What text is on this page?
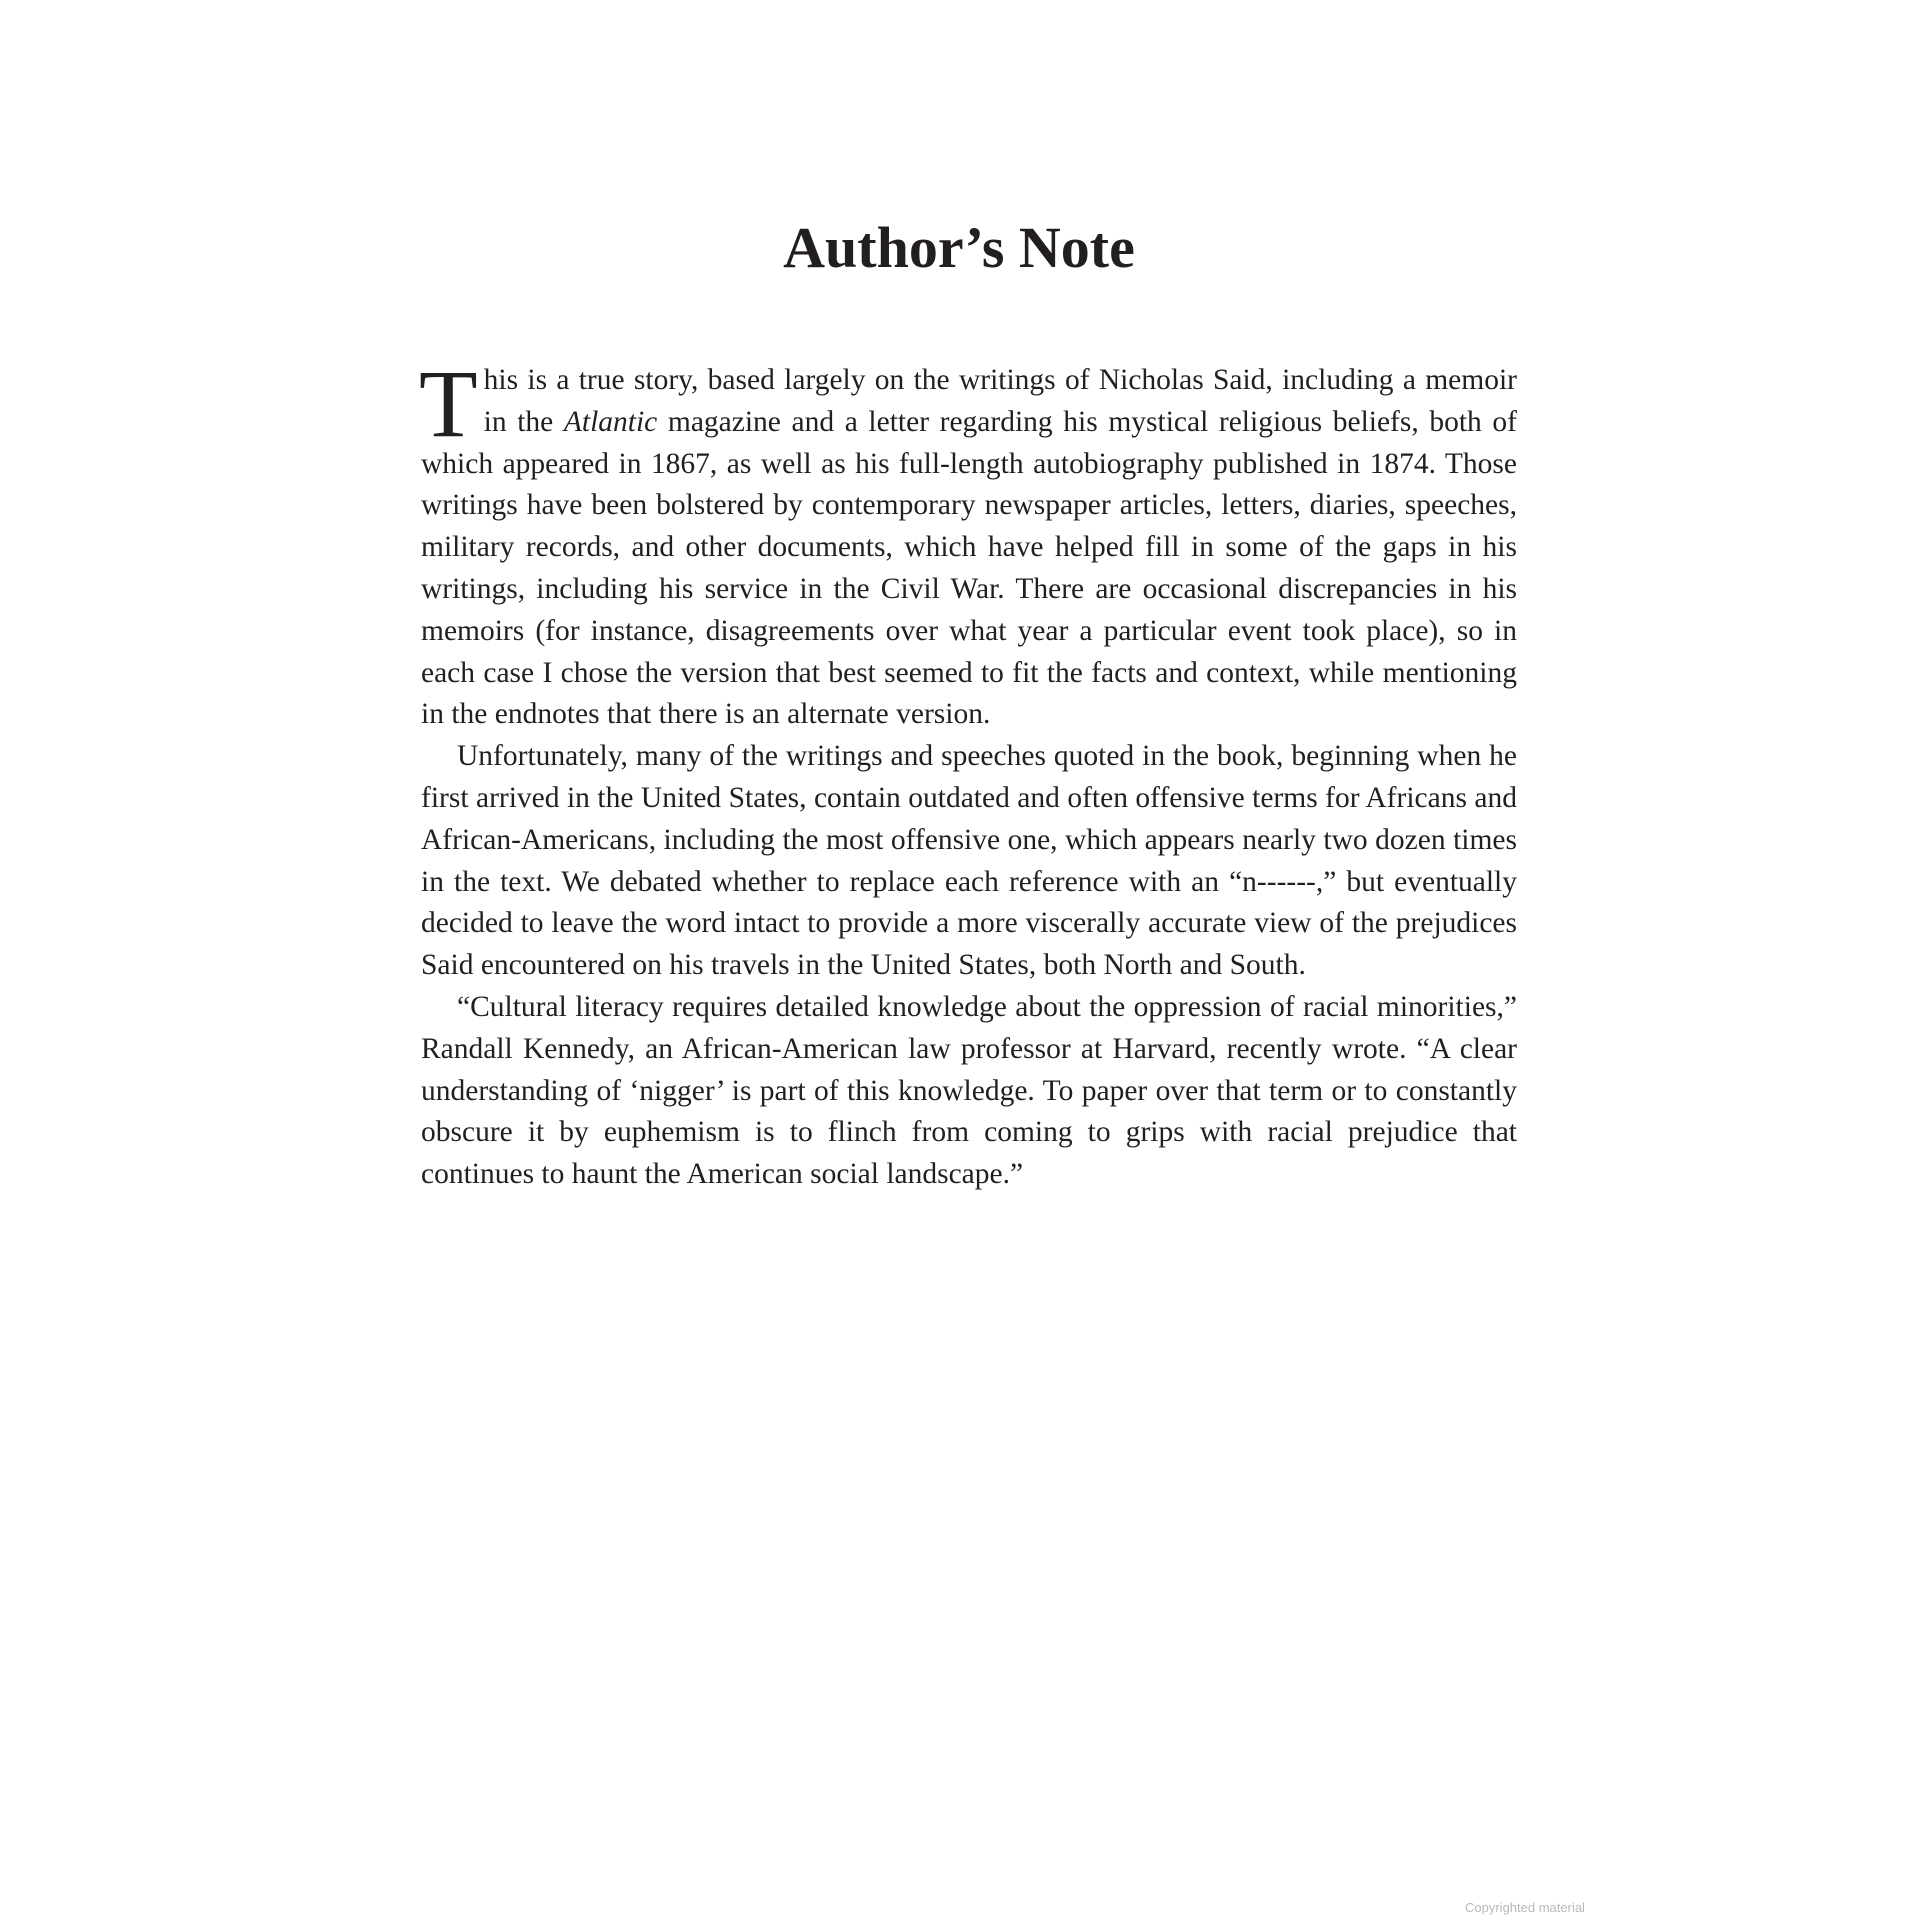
Author’s Note

This is a true story, based largely on the writings of Nicholas Said, including a memoir in the Atlantic magazine and a letter regarding his mystical religious beliefs, both of which appeared in 1867, as well as his full-length autobiography published in 1874. Those writings have been bolstered by contemporary newspaper articles, letters, diaries, speeches, military records, and other documents, which have helped fill in some of the gaps in his writings, including his service in the Civil War. There are occasional discrepancies in his memoirs (for instance, disagreements over what year a particular event took place), so in each case I chose the version that best seemed to fit the facts and context, while mentioning in the endnotes that there is an alternate version.

Unfortunately, many of the writings and speeches quoted in the book, beginning when he first arrived in the United States, contain outdated and often offensive terms for Africans and African-Americans, including the most offensive one, which appears nearly two dozen times in the text. We debated whether to replace each reference with an “n------,” but eventually decided to leave the word intact to provide a more viscerally accurate view of the prejudices Said encountered on his travels in the United States, both North and South.

“Cultural literacy requires detailed knowledge about the oppression of racial minorities,” Randall Kennedy, an African-American law professor at Harvard, recently wrote. “A clear understanding of ‘nigger’ is part of this knowledge. To paper over that term or to constantly obscure it by euphemism is to flinch from coming to grips with racial prejudice that continues to haunt the American social landscape.”

Copyrighted material
